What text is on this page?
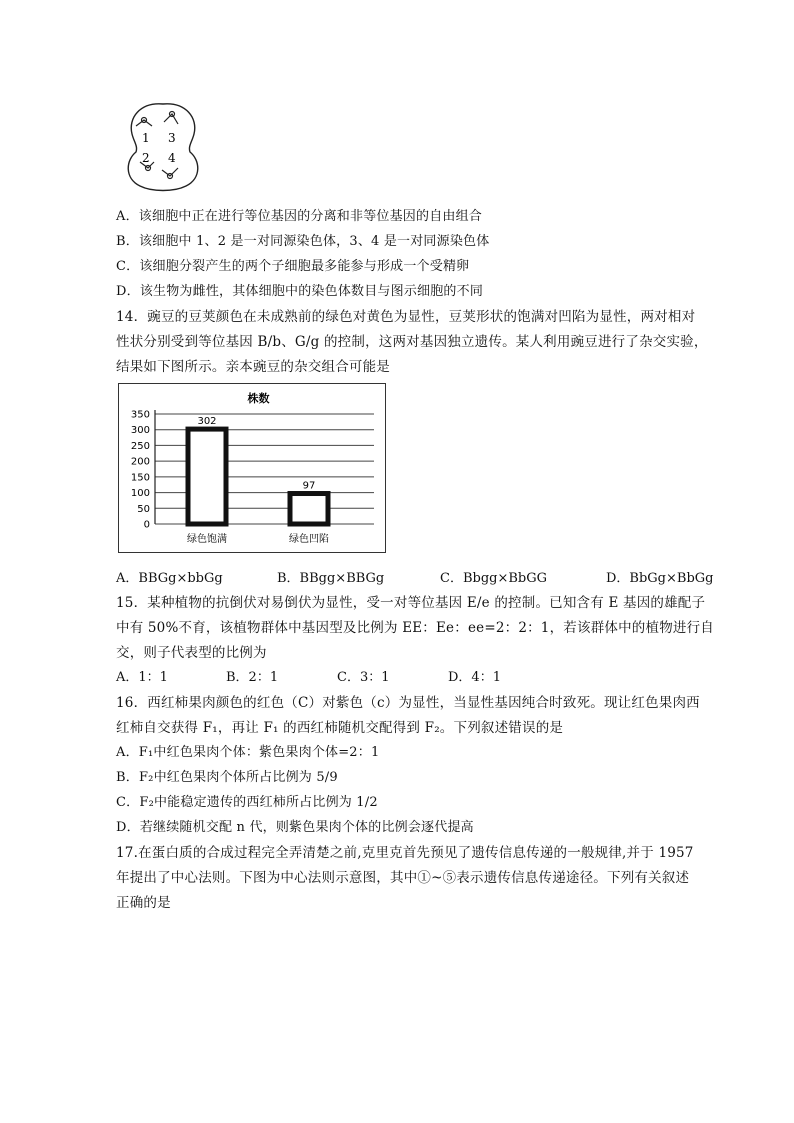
1 3
2 4
A．该细胞中正在进行等位基因的分离和非等位基因的自由组合
B．该细胞中 1、2 是一对同源染色体，3、4 是一对同源染色体
C．该细胞分裂产生的两个子细胞最多能参与形成一个受精卵
D．该生物为雌性，其体细胞中的染色体数目与图示细胞的不同
14．豌豆的豆荚颜色在未成熟前的绿色对黄色为显性，豆荚形状的饱满对凹陷为显性，两对相对
性状分别受到等位基因 B/b、G/g 的控制，这两对基因独立遗传。某人利用豌豆进行了杂交实验，
结果如下图所示。亲本豌豆的杂交组合可能是
株数
0
50
100
150
200
250
300
350
302
绿色饱满
97
绿色凹陷
A．BBGg×bbGg	B．BBgg×BBGg	C．Bbgg×BbGG	D．BbGg×BbGg
15．某种植物的抗倒伏对易倒伏为显性，受一对等位基因 E/e 的控制。已知含有 E 基因的雄配子
中有 50%不育，该植物群体中基因型及比例为 EE：Ee：ee=2：2：1，若该群体中的植物进行自
交，则子代表型的比例为
A．1：1	B．2：1	C．3：1	D．4：1
16．西红柿果肉颜色的红色（C）对紫色（c）为显性，当显性基因纯合时致死。现让红色果肉西
红柿自交获得 F₁，再让 F₁ 的西红柿随机交配得到 F₂。下列叙述错误的是
A．F₁中红色果肉个体：紫色果肉个体=2：1
B．F₂中红色果肉个体所占比例为 5/9
C．F₂中能稳定遗传的西红柿所占比例为 1/2
D．若继续随机交配 n 代，则紫色果肉个体的比例会逐代提高
17.在蛋白质的合成过程完全弄清楚之前,克里克首先预见了遗传信息传递的一般规律,并于 1957
年提出了中心法则。下图为中心法则示意图，其中①~⑤表示遗传信息传递途径。下列有关叙述
正确的是
